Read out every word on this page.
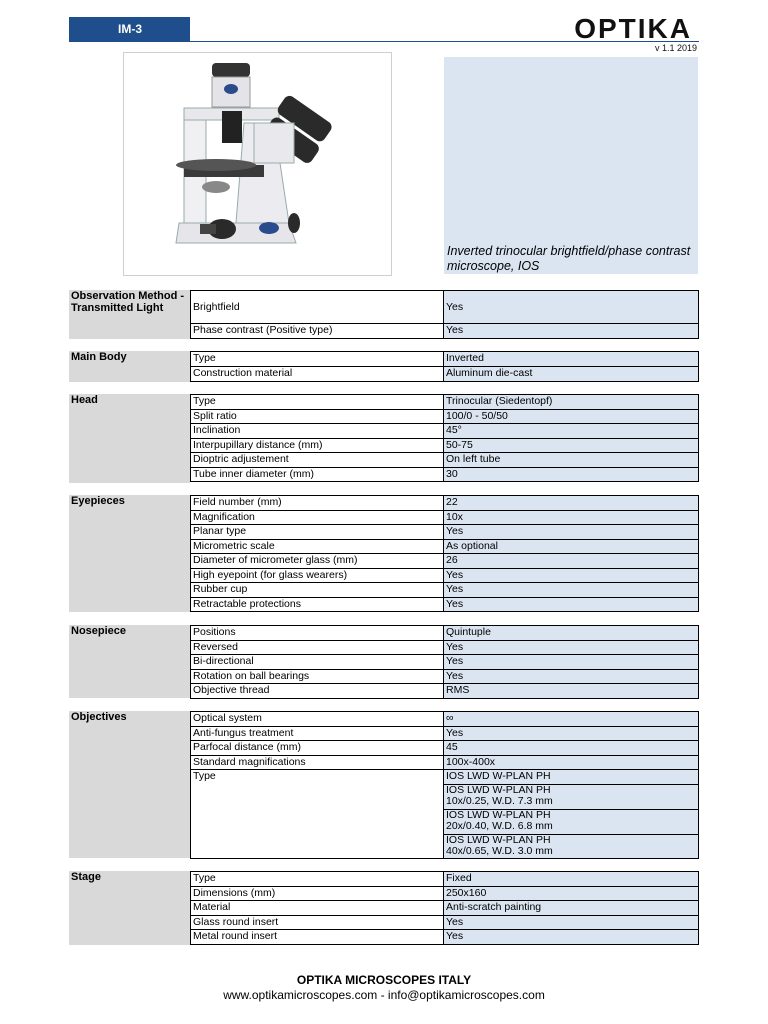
IM-3	OPTIKA
v 1.1 2019
Inverted trinocular brightfield/phase contrast
microscope, IOS
Observation Method -
Transmitted Light	Brightfield	Yes
Phase contrast (Positive type)	Yes
Main Body	Type	Inverted
Construction material	Aluminum die-cast
Head	Type	Trinocular (Siedentopf)
Split ratio	100/0 - 50/50
Inclination	45°
Interpupillary distance (mm)	50-75
Dioptric adjustement	On left tube
Tube inner diameter (mm)	30
Eyepieces	Field number (mm)	22
Magnification	10x
Planar type	Yes
Micrometric scale	As optional
Diameter of micrometer glass (mm)	26
High eyepoint (for glass wearers)	Yes
Rubber cup	Yes
Retractable protections	Yes
Nosepiece	Positions	Quintuple
Reversed	Yes
Bi-directional	Yes
Rotation on ball bearings	Yes
Objective thread	RMS
Objectives	Optical system	∞
Anti-fungus treatment	Yes
Parfocal distance (mm)	45
Standard magnifications	100x-400x
Type	IOS LWD W-PLAN PH
IOS LWD W-PLAN PH
10x/0.25, W.D. 7.3 mm
IOS LWD W-PLAN PH
20x/0.40, W.D. 6.8 mm
IOS LWD W-PLAN PH
40x/0.65, W.D. 3.0 mm
Stage	Type	Fixed
Dimensions (mm)	250x160
Material	Anti-scratch painting
Glass round insert	Yes
Metal round insert	Yes
OPTIKA MICROSCOPES ITALY
www.optikamicroscopes.com - info@optikamicroscopes.com
